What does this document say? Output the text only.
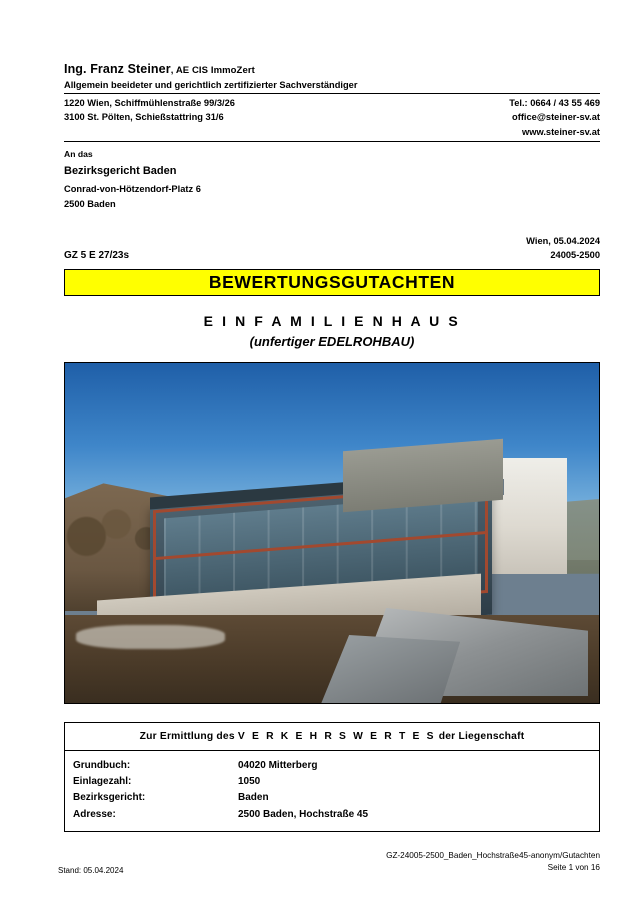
Ing. Franz Steiner, AE CIS ImmoZert
Allgemein beeideter und gerichtlich zertifizierter Sachverständiger
1220 Wien, Schiffmühlenstraße 99/3/26	Tel.: 0664 / 43 55 469
3100 St. Pölten, Schießstattring 31/6	office@steiner-sv.at
www.steiner-sv.at
An das
Bezirksgericht Baden
Conrad-von-Hötzendorf-Platz 6
2500 Baden
Wien, 05.04.2024
24005-2500
GZ 5 E 27/23s
BEWERTUNGSGUTACHTEN
E I N F A M I L I E N H A U S
(unfertiger EDELROHBAU)
Zur Ermittlung des V E R K E H R S W E R T E S der Liegenschaft
Grundbuch:	04020 Mitterberg
Einlagezahl:	1050
Bezirksgericht:	Baden
Adresse:	2500 Baden, Hochstraße 45
Stand: 05.04.2024
GZ-24005-2500_Baden_Hochstraße45-anonym/Gutachten
Seite 1 von 16
